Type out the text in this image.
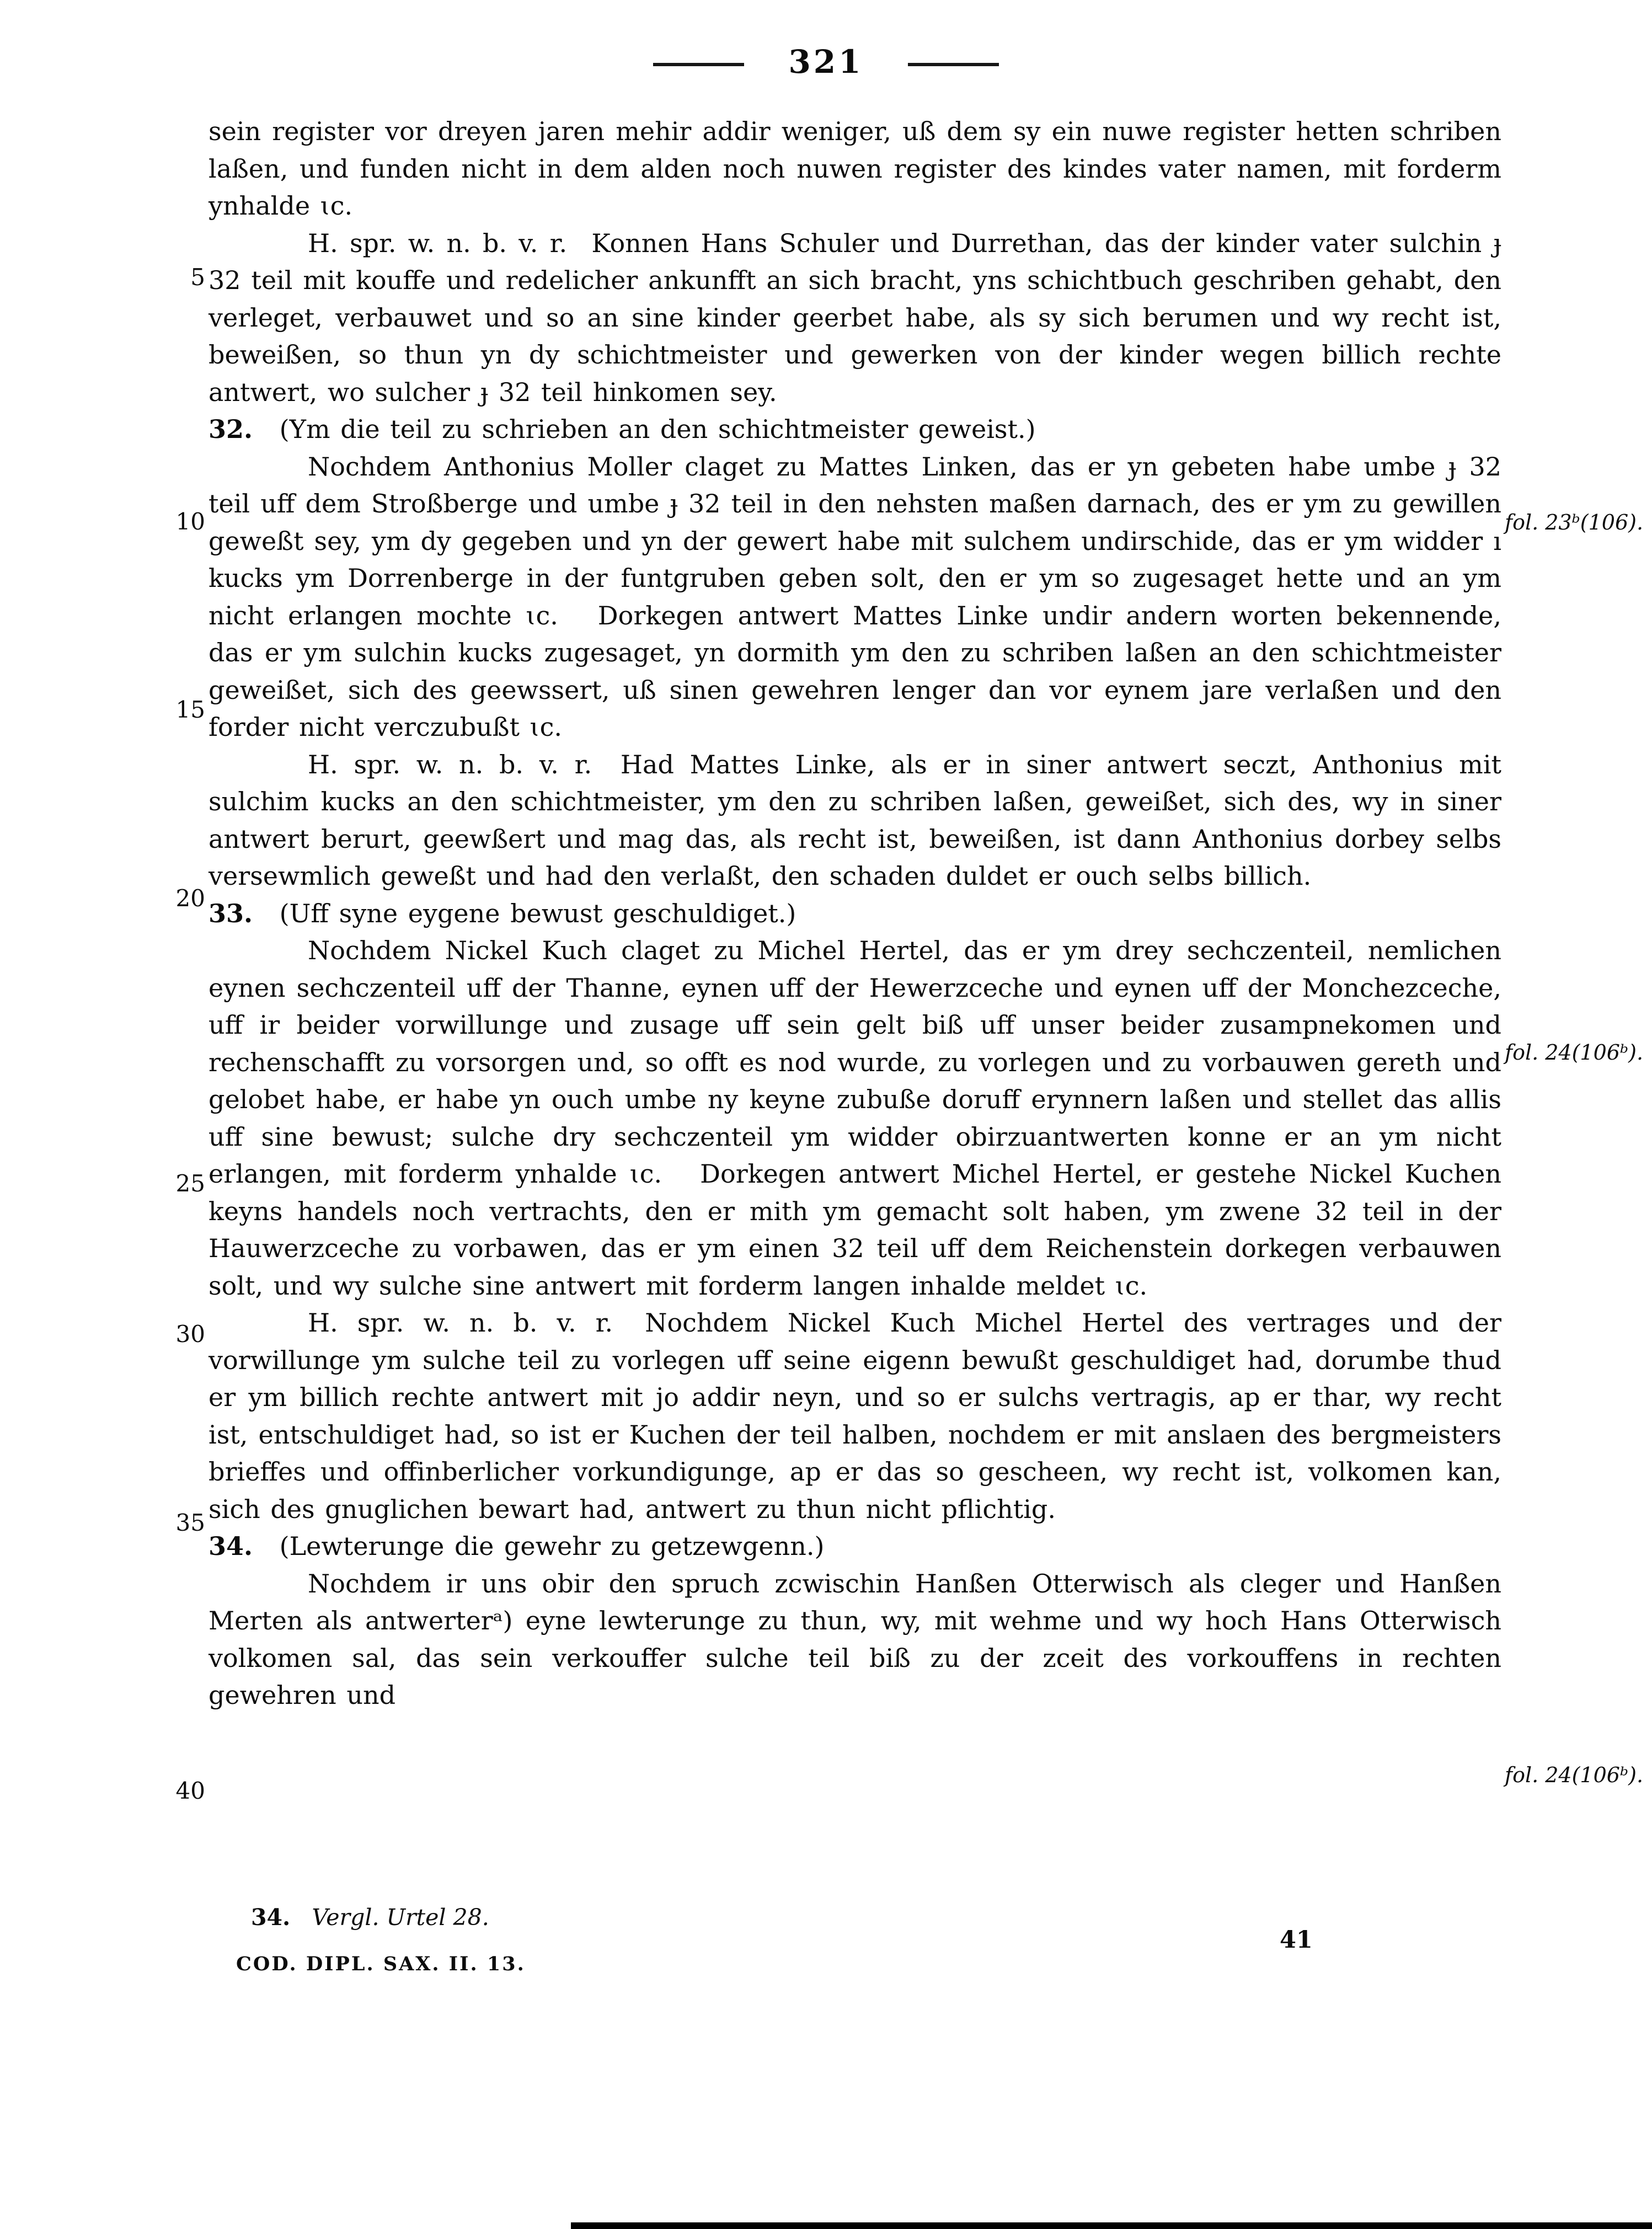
321
5
10
15
20
25
30
35
40
fol. 23ᵇ(106).
fol. 24(106ᵇ).
fol. 24(106ᵇ).

sein register vor dreyen jaren mehir addir weniger, uß dem sy ein nuwe register hetten schriben laßen, und funden nicht in dem alden noch nuwen register des kindes vater namen, mit forderm ynhalde ɩc.

H. spr. w. n. b. v. r.  Konnen Hans Schuler und Durrethan, das der kinder vater sulchin ɟ 32 teil mit kouffe und redelicher ankunfft an sich bracht, yns schichtbuch geschriben gehabt, den verleget, verbauwet und so an sine kinder geerbet habe, als sy sich berumen und wy recht ist, beweißen, so thun yn dy schichtmeister und gewerken von der kinder wegen billich rechte antwert, wo sulcher ɟ 32 teil hinkomen sey.

32. (Ym die teil zu schrieben an den schichtmeister geweist.)

Nochdem Anthonius Moller claget zu Mattes Linken, das er yn gebeten habe umbe ɟ 32 teil uff dem Stroßberge und umbe ɟ 32 teil in den nehsten maßen darnach, des er ym zu gewillen geweßt sey, ym dy gegeben und yn der gewert habe mit sulchem undirschide, das er ym widder ı kucks ym Dorrenberge in der funtgruben geben solt, den er ym so zugesaget hette und an ym nicht erlangen mochte ɩc.  Dorkegen antwert Mattes Linke undir andern worten bekennende, das er ym sulchin kucks zugesaget, yn dormith ym den zu schriben laßen an den schichtmeister geweißet, sich des geewssert, uß sinen gewehren lenger dan vor eynem jare verlaßen und den forder nicht verczubußt ɩc.

H. spr. w. n. b. v. r.  Had Mattes Linke, als er in siner antwert seczt, Anthonius mit sulchim kucks an den schichtmeister, ym den zu schriben laßen, geweißet, sich des, wy in siner antwert berurt, geewßert und mag das, als recht ist, beweißen, ist dann Anthonius dorbey selbs versewmlich geweßt und had den verlaßt, den schaden duldet er ouch selbs billich.

33. (Uff syne eygene bewust geschuldiget.)

Nochdem Nickel Kuch claget zu Michel Hertel, das er ym drey sechczenteil, nemlichen eynen sechczenteil uff der Thanne, eynen uff der Hewerzceche und eynen uff der Monchezceche, uff ir beider vorwillunge und zusage uff sein gelt biß uff unser beider zusampnekomen und rechenschafft zu vorsorgen und, so offt es nod wurde, zu vorlegen und zu vorbauwen gereth und gelobet habe, er habe yn ouch umbe ny keyne zubuße doruff erynnern laßen und stellet das allis uff sine bewust; sulche dry sechczenteil ym widder obirzuantwerten konne er an ym nicht erlangen, mit forderm ynhalde ɩc.  Dorkegen antwert Michel Hertel, er gestehe Nickel Kuchen keyns handels noch vertrachts, den er mith ym gemacht solt haben, ym zwene 32 teil in der Hauwerzceche zu vorbawen, das er ym einen 32 teil uff dem Reichenstein dorkegen verbauwen solt, und wy sulche sine antwert mit forderm langen inhalde meldet ɩc.

H. spr. w. n. b. v. r.  Nochdem Nickel Kuch Michel Hertel des vertrages und der vorwillunge ym sulche teil zu vorlegen uff seine eigenn bewußt geschuldiget had, dorumbe thud er ym billich rechte antwert mit jo addir neyn, und so er sulchs vertragis, ap er thar, wy recht ist, entschuldiget had, so ist er Kuchen der teil halben, nochdem er mit anslaen des bergmeisters brieffes und offinberlicher vorkundigunge, ap er das so gescheen, wy recht ist, volkomen kan, sich des gnuglichen bewart had, antwert zu thun nicht pflichtig.

34. (Lewterunge die gewehr zu getzewgenn.)

Nochdem ir uns obir den spruch zcwischin Hanßen Otterwisch als cleger und Hanßen Merten als antwerterᵃ) eyne lewterunge zu thun, wy, mit wehme und wy hoch Hans Otterwisch volkomen sal, das sein verkouffer sulche teil biß zu der zceit des vorkouffens in rechten gewehren und

34. Vergl. Urtel 28.
COD. DIPL. SAX. II. 13.
41
